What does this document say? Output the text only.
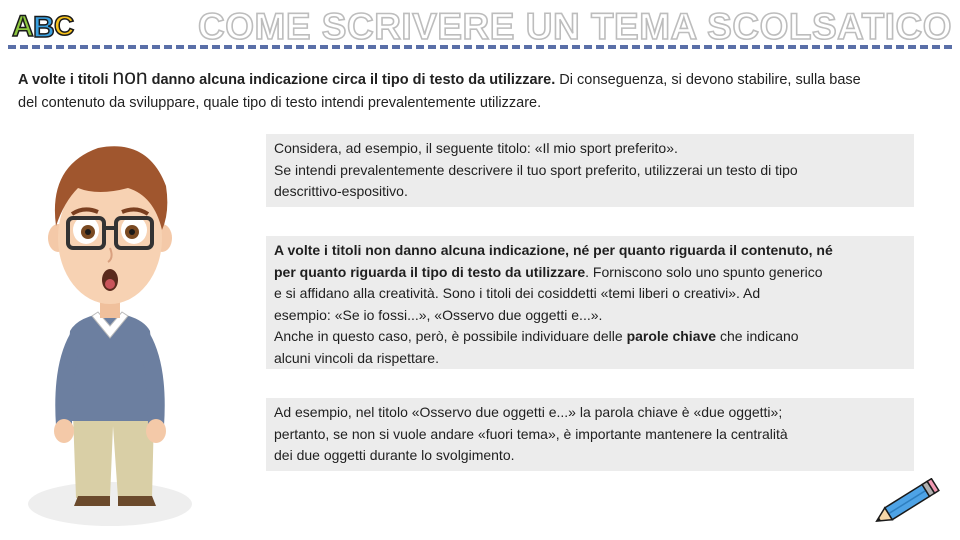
A B C	COME SCRIVERE UN TEMA SCOLSATICO
A volte i titoli non danno alcuna indicazione circa il tipo di testo da utilizzare. Di conseguenza, si devono stabilire, sulla base
del contenuto da sviluppare, quale tipo di testo intendi prevalentemente utilizzare.
Considera, ad esempio, il seguente titolo: «Il mio sport preferito».
Se intendi prevalentemente descrivere il tuo sport preferito, utilizzerai un testo di tipo
descrittivo-espositivo.
A volte i titoli non danno alcuna indicazione, né per quanto riguarda il contenuto, né
per quanto riguarda il tipo di testo da utilizzare. Forniscono solo uno spunto generico
e si affidano alla creatività. Sono i titoli dei cosiddetti «temi liberi o creativi». Ad
esempio: «Se io fossi...», «Osservo due oggetti e...».
Anche in questo caso, però, è possibile individuare delle parole chiave che indicano
alcuni vincoli da rispettare.
Ad esempio, nel titolo «Osservo due oggetti e...» la parola chiave è «due oggetti»;
pertanto, se non si vuole andare «fuori tema», è importante mantenere la centralità
dei due oggetti durante lo svolgimento.
